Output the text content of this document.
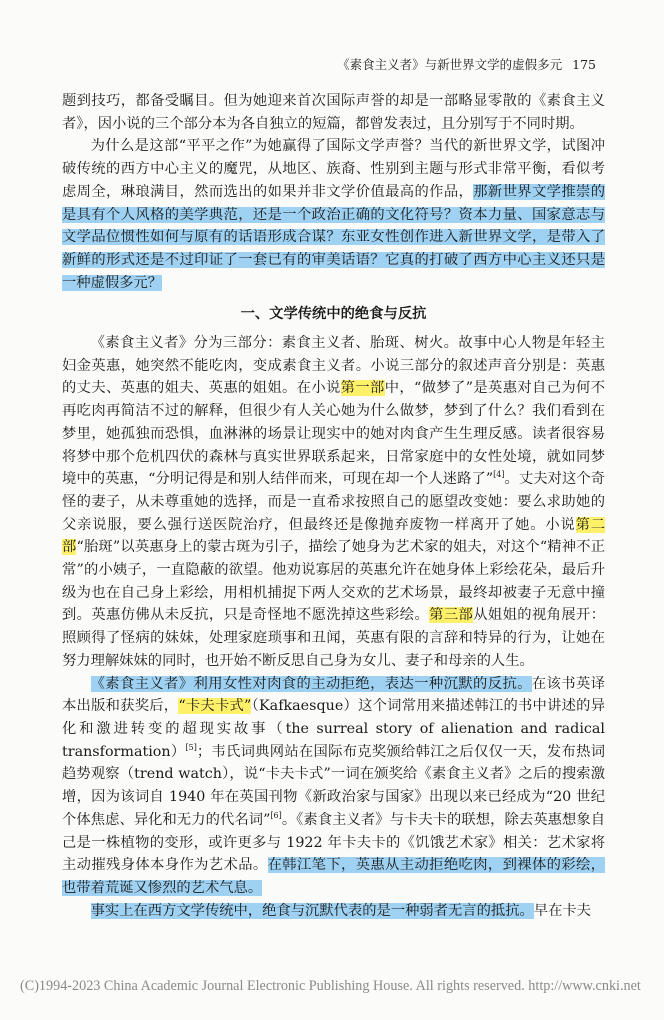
《素食主义者》与新世界文学的虚假多元 175

题到技巧，都备受瞩目。但为她迎来首次国际声誉的却是一部略显零散的《素食主义者》，因小说的三个部分本为各自独立的短篇，都曾发表过，且分别写于不同时期。

为什么是这部“平平之作”为她赢得了国际文学声誉？当代的新世界文学，试图冲破传统的西方中心主义的魔咒，从地区、族裔、性别到主题与形式非常平衡，看似考虑周全，琳琅满目，然而选出的如果并非文学价值最高的作品，那新世界文学推崇的是具有个人风格的美学典范，还是一个政治正确的文化符号？资本力量、国家意志与文学品位惯性如何与原有的话语形成合谋？东亚女性创作进入新世界文学，是带入了新鲜的形式还是不过印证了一套已有的审美话语？它真的打破了西方中心主义还只是一种虚假多元？

一、文学传统中的绝食与反抗

《素食主义者》分为三部分：素食主义者、胎斑、树火。故事中心人物是年轻主妇金英惠，她突然不能吃肉，变成素食主义者。小说三部分的叙述声音分别是：英惠的丈夫、英惠的姐夫、英惠的姐姐。在小说第一部中，“做梦了”是英惠对自己为何不再吃肉再简洁不过的解释，但很少有人关心她为什么做梦，梦到了什么？我们看到在梦里，她孤独而恐惧，血淋淋的场景让现实中的她对肉食产生生理反感。读者很容易将梦中那个危机四伏的森林与真实世界联系起来，日常家庭中的女性处境，就如同梦境中的英惠，“分明记得是和别人结伴而来，可现在却一个人迷路了”[4]。丈夫对这个奇怪的妻子，从未尊重她的选择，而是一直希求按照自己的愿望改变她：要么求助她的父亲说服，要么强行送医院治疗，但最终还是像抛弃废物一样离开了她。小说第二部“胎斑”以英惠身上的蒙古斑为引子，描绘了她身为艺术家的姐夫，对这个“精神不正常”的小姨子，一直隐蔽的欲望。他劝说寡居的英惠允许在她身体上彩绘花朵，最后升级为也在自己身上彩绘，用相机捕捉下两人交欢的艺术场景，最终却被妻子无意中撞到。英惠仿佛从未反抗，只是奇怪地不愿洗掉这些彩绘。第三部从姐姐的视角展开：照顾得了怪病的妹妹，处理家庭琐事和丑闻，英惠有限的言辞和特异的行为，让她在努力理解妹妹的同时，也开始不断反思自己身为女儿、妻子和母亲的人生。

《素食主义者》利用女性对肉食的主动拒绝，表达一种沉默的反抗。在该书英译本出版和获奖后，“卡夫卡式”（Kafkaesque）这个词常用来描述韩江的书中讲述的异化和激进转变的超现实故事（the surreal story of alienation and radical transformation）[5]；韦氏词典网站在国际布克奖颁给韩江之后仅仅一天，发布热词趋势观察（trend watch），说“卡夫卡式”一词在颁奖给《素食主义者》之后的搜索激增，因为该词自 1940 年在英国刊物《新政治家与国家》出现以来已经成为“20 世纪个体焦虑、异化和无力的代名词”[6]。《素食主义者》与卡夫卡的联想，除去英惠想象自己是一株植物的变形，或许更多与 1922 年卡夫卡的《饥饿艺术家》相关：艺术家将主动摧残身体本身作为艺术品。在韩江笔下，英惠从主动拒绝吃肉，到裸体的彩绘，也带着荒诞又惨烈的艺术气息。

事实上在西方文学传统中，绝食与沉默代表的是一种弱者无言的抵抗。早在卡夫

(C)1994-2023 China Academic Journal Electronic Publishing House. All rights reserved. http://www.cnki.net
